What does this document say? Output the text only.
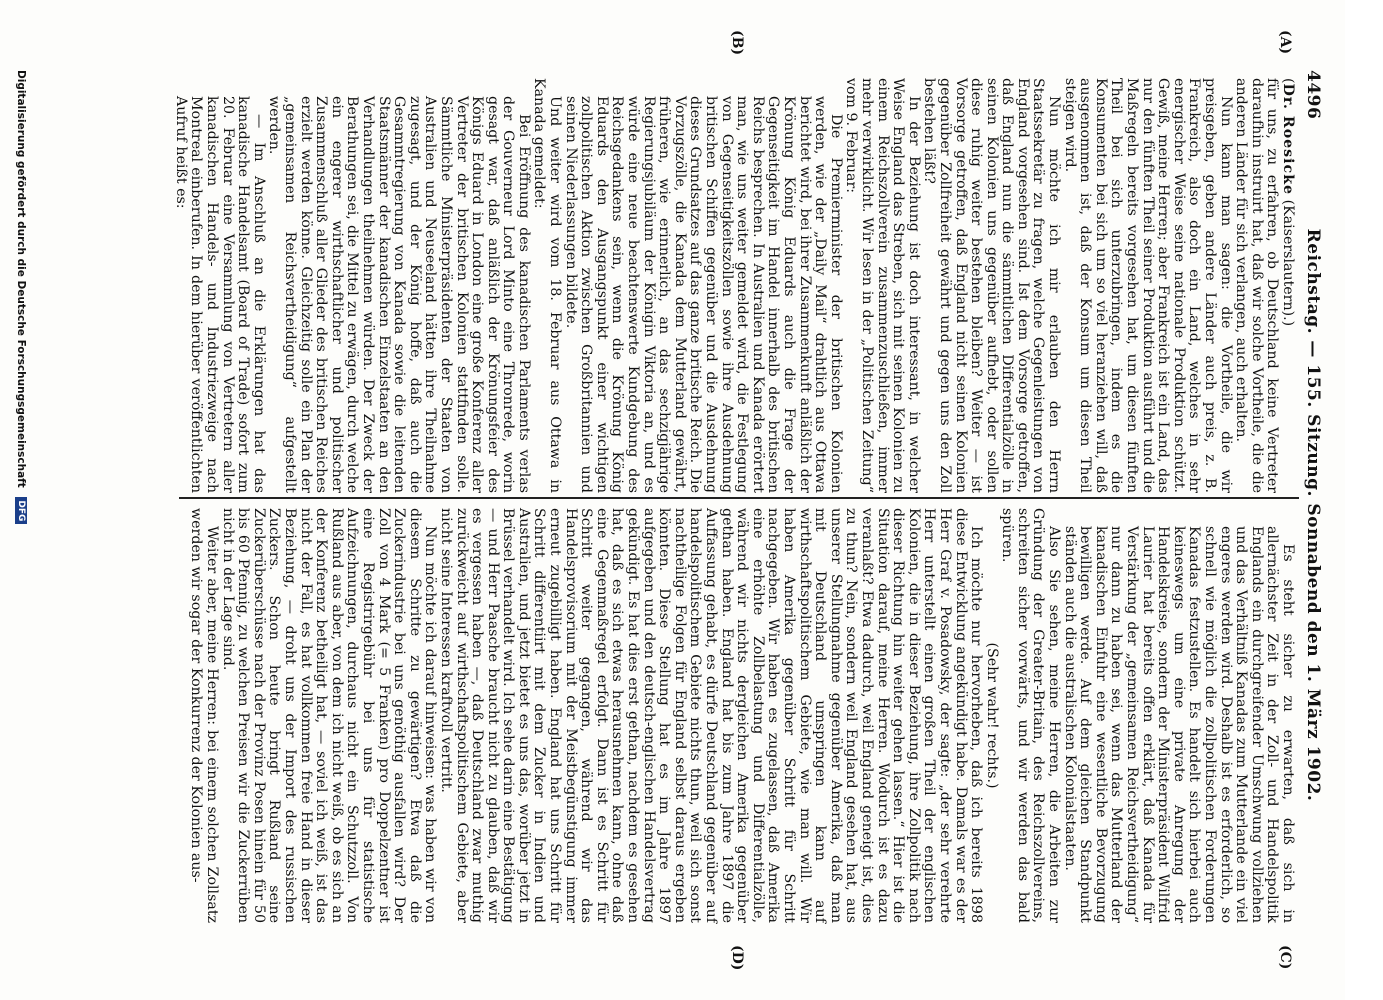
4496
Reichstag. — 155. Sitzung. Sonnabend den 1. März 1902.
(A)
(B)
(C)
(D)

(Dr. Roesicke (Kaiserslautern).)

für uns, zu erfahren, ob Deutschland keine Vertreter daraufhin instruirt hat, daß wir solche Vortheile, die die anderen Länder für sich verlangen, auch erhalten.

Nun kann man sagen: die Vortheile, die wir preisgeben, geben andere Länder auch preis, z. B. Frankreich, also doch ein Land, welches in sehr energischer Weise seine nationale Produktion schützt. Gewiß, meine Herren; aber Frankreich ist ein Land, das nur den fünften Theil seiner Produktion ausführt und die Maßregeln bereits vorgesehen hat, um diesen fünften Theil bei sich unterzubringen, indem es die Konsumenten bei sich um so viel heranziehen will, daß ausgenommen ist, daß der Konsum um diesen Theil steigen wird.

Nun möchte ich mir erlauben den Herrn Staatssekretär zu fragen, welche Gegenleistungen von England vorgesehen sind. Ist dem Vorsorge getroffen, daß England nun die sämmtlichen Differentialzölle in seinen Kolonien uns gegenüber aufhebt, oder sollen diese ruhig weiter bestehen bleiben? Weiter — ist Vorsorge getroffen, daß England nicht seinen Kolonien gegenüber Zollfreiheit gewährt und gegen uns den Zoll bestehen läßt?

In der Beziehung ist doch interessant, in welcher Weise England das Streben, sich mit seinen Kolonien zu einem Reichszollverein zusammenzuschließen, immer mehr verwirklicht. Wir lesen in der „Politischen Zeitung“ vom 9. Februar:

Die Premierminister der britischen Kolonien werden, wie der „Daily Mail“ drahtlich aus Ottawa berichtet wird, bei ihrer Zusammenkunft anläßlich der Krönung König Eduards auch die Frage der Gegenseitigkeit im Handel innerhalb des britischen Reichs besprechen. In Australien und Kanada erörtert man, wie uns weiter gemeldet wird, die Festlegung von Gegenseitigkeitszöllen sowie ihre Ausdehnung britischen Schiffen gegenüber und die Ausdehnung dieses Grundsatzes auf das ganze britische Reich. Die Vorzugszölle, die Kanada dem Mutterland gewährt, früheren, wie erinnerlich, an das sechzigjährige Regierungsjubiläum der Königin Viktoria an, und es würde eine neue beachtenswerte Kundgebung des Reichsgedankens sein, wenn die Krönung König Eduards den Ausgangspunkt einer wichtigen zollpolitischen Aktion zwischen Großbritannien und seinen Niederlassungen bildete.

Und weiter wird vom 18. Februar aus Ottawa in Kanada gemeldet:

Bei Eröffnung des kanadischen Parlaments verlas der Gouverneur Lord Minto eine Thronrede, worin gesagt war, daß anläßlich der Krönungsfeier des Königs Eduard in London eine große Konferenz aller Vertreter der britischen Kolonien stattfinden solle. Sämmtliche Ministerpräsidenten der Staaten von Australien und Neuseeland hätten ihre Theilnahme zugesagt, und der König hoffe, daß auch die Gesammtregierung von Kanada sowie die leitenden Staatsmänner der kanadischen Einzelstaaten an den Verhandlungen theilnehmen würden. Der Zweck der Berathungen sei, die Mittel zu erwägen, durch welche ein engerer wirthschaftlicher und politischer Zusammenschluß aller Glieder des britischen Reiches erzielt werden könne. Gleichzeitig solle ein Plan der „gemeinsamen Reichsvertheidigung“ aufgestellt werden.

— Im Anschluß an die Erklärungen hat das kanadische Handelsamt (Board of Trade) sofort zum 20. Februar eine Versammlung von Vertretern aller kanadischen Handels- und Industriezweige nach Montreal einberufen. In dem hierüber veröffentlichten Aufruf heißt es:

Es steht sicher zu erwarten, daß sich in allernächster Zeit in der Zoll- und Handelspolitik Englands ein durchgreifender Umschwung vollziehen und das Verhältniß Kanadas zum Mutterlande ein viel engeres werden wird. Deshalb ist es erforderlich, so schnell wie möglich die zollpolitischen Forderungen Kanadas festzustellen. Es handelt sich hierbei auch keineswegs um eine private Anregung der Handelskreise, sondern der Ministerpräsident Wilfrid Laurier hat bereits offen erklärt, daß Kanada für Verstärkung der „gemeinsamen Reichsvertheidigung“ nur dann zu haben sei, wenn das Mutterland der kanadischen Einfuhr eine wesentliche Bevorzugung bewilligen werde. Auf dem gleichen Standpunkt ständen auch die australischen Kolonialstaaten.

Also Sie sehen, meine Herren, die Arbeiten zur Gründung der Greater-Britain, des Reichszollvereins, schreiten sicher vorwärts, und wir werden das bald spüren.

(Sehr wahr! rechts.)

Ich möchte nur hervorheben, daß ich bereits 1898 diese Entwicklung angekündigt habe. Damals war es der Herr Graf v. Posadowsky, der sagte: „der sehr verehrte Herr unterstellt einen großen Theil der englischen Kolonien, die in dieser Beziehung, ihre Zollpolitik nach dieser Richtung hin weiter gehen lassen.“ Hier ist die Situation darauf, meine Herren. Wodurch ist es dazu veranlaßt? Etwa dadurch, weil England geneigt ist, dies zu thun? Nein, sondern weil England gesehen hat, aus unserer Stellungnahme gegenüber Amerika, daß man mit Deutschland umspringen kann auf wirthschaftspolitischem Gebiete, wie man will. Wir haben Amerika gegenüber Schritt für Schritt nachgegeben. Wir haben es zugelassen, daß Amerika eine erhöhte Zollbelastung und Differentialzölle, während wir nichts dergleichen Amerika gegenüber gethan haben. England hat bis zum Jahre 1897 die Auffassung gehabt, es dürfe Deutschland gegenüber auf handelspolitischem Gebiete nichts thun, weil sich sonst nachtheilige Folgen für England selbst daraus ergeben könnten. Diese Stellung hat es im Jahre 1897 aufgegeben und den deutsch-englischen Handelsvertrag gekündigt. Es hat dies erst gethan, nachdem es gesehen hat, daß es sich etwas herausnehmen kann, ohne daß eine Gegenmaßregel erfolgt. Dann ist es Schritt für Schritt weiter gegangen, während wir das Handelsprovisorium mit der Meistbegünstigung immer erneut zugebilligt haben. England hat uns Schritt für Schritt differentiirt mit dem Zucker in Indien und Australien, und jetzt bietet es uns das, worüber jetzt in Brüssel verhandelt wird. Ich sehe darin eine Bestätigung — und Herr Paasche braucht nicht zu glauben, daß wir es vergessen haben —, daß Deutschland zwar muthig zurückweicht auf wirthschaftspolitischem Gebiete, aber nicht seine Interessen kraftvoll vertritt.

Nun möchte ich darauf hinweisen: was haben wir von diesem Schritte zu gewärtigen? Etwa daß die Zuckerindustrie bei uns genöthig ausfallen wird? Der Zoll von 4 Mark (= 5 Franken) pro Doppelzentner ist eine Registrirgebühr bei uns für statistische Aufzeichnungen, durchaus nicht ein Schutzzoll. Von Rußland aus aber, von dem ich nicht weiß, ob es sich an der Konferenz betheiligt hat, — soviel ich weiß, ist das nicht der Fall, es hat vollkommen freie Hand in dieser Beziehung, — droht uns der Import des russischen Zuckers. Schon heute bringt Rußland seine Zuckerüberschüsse nach der Provinz Posen hinein für 50 bis 60 Pfennig, zu welchen Preisen wir die Zuckerrüben nicht in der Lage sind.

Weiter aber, meine Herren: bei einem solchen Zollsatz werden wir sogar der Konkurrenz der Kolonien aus-

Digitalisierung gefördert durch die Deutsche Forschungsgemeinschaft DFG
